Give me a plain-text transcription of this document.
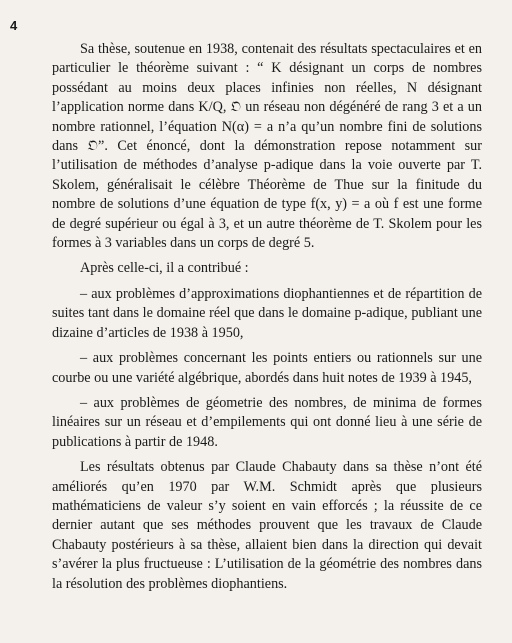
4

Sa thèse, soutenue en 1938, contenait des résultats spectaculaires et en particulier le théorème suivant : “ K désignant un corps de nombres possédant au moins deux places infinies non réelles, N désignant l’application norme dans K/Q, 𝔒 un réseau non dégénéré de rang 3 et a un nombre rationnel, l’équation N(α) = a n’a qu’un nombre fini de solutions dans 𝔒”. Cet énoncé, dont la démonstration repose notamment sur l’utilisation de méthodes d’analyse p-adique dans la voie ouverte par T. Skolem, généralisait le célèbre Théorème de Thue sur la finitude du nombre de solutions d’une équation de type f(x, y) = a où f est une forme de degré supérieur ou égal à 3, et un autre théorème de T. Skolem pour les formes à 3 variables dans un corps de degré 5.

Après celle-ci, il a contribué :

– aux problèmes d’approximations diophantiennes et de répartition de suites tant dans le domaine réel que dans le domaine p-adique, publiant une dizaine d’articles de 1938 à 1950,

– aux problèmes concernant les points entiers ou rationnels sur une courbe ou une variété algébrique, abordés dans huit notes de 1939 à 1945,

– aux problèmes de géometrie des nombres, de minima de formes linéaires sur un réseau et d’empilements qui ont donné lieu à une série de publications à partir de 1948.

Les résultats obtenus par Claude Chabauty dans sa thèse n’ont été améliorés qu’en 1970 par W.M. Schmidt après que plusieurs mathématiciens de valeur s’y soient en vain efforcés ; la réussite de ce dernier autant que ses méthodes prouvent que les travaux de Claude Chabauty postérieurs à sa thèse, allaient bien dans la direction qui devait s’avérer la plus fructueuse : L’utilisation de la géométrie des nombres dans la résolution des problèmes diophantiens.
